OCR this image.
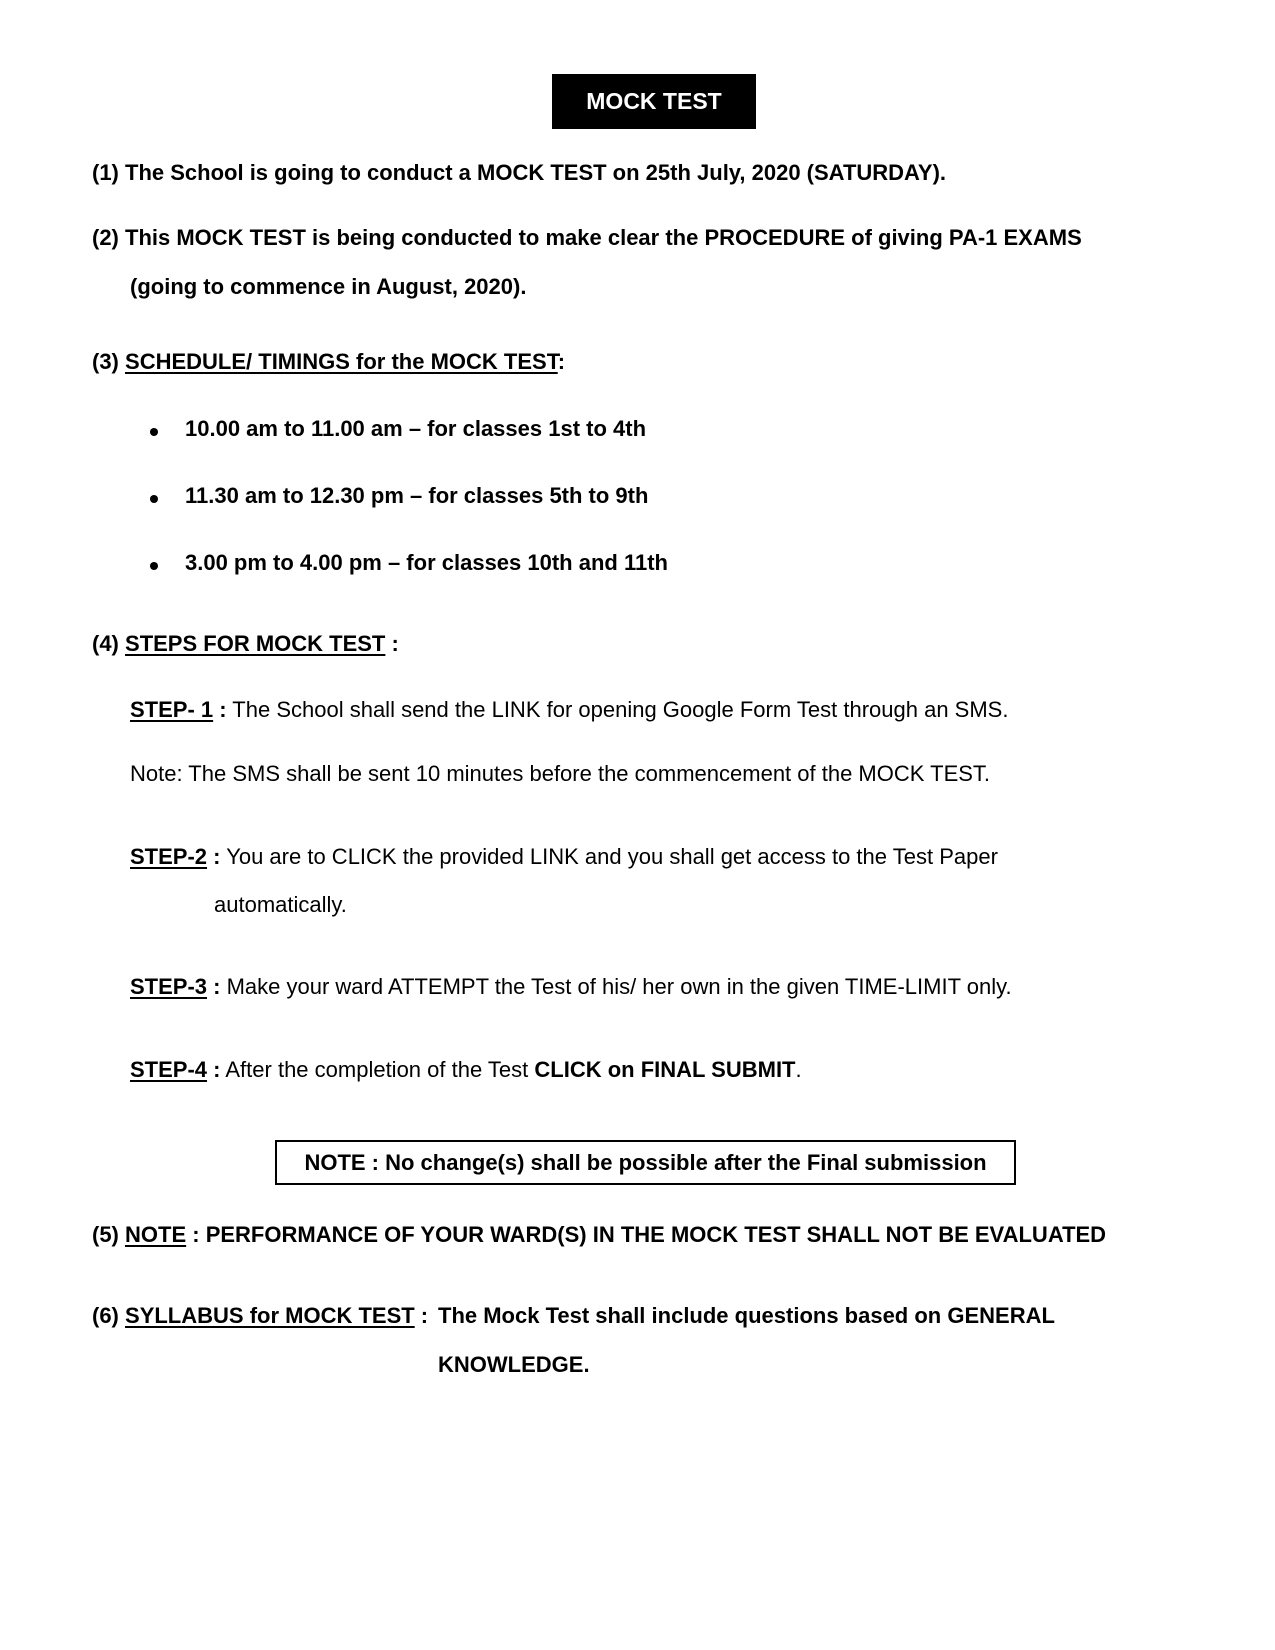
MOCK TEST
(1) The School is going to conduct a MOCK TEST on 25th July, 2020 (SATURDAY).
(2) This MOCK TEST is being conducted to make clear the PROCEDURE of giving PA-1 EXAMS
(going to commence in August, 2020).
(3) SCHEDULE/ TIMINGS for the MOCK TEST:
10.00 am to 11.00 am – for classes 1st to 4th
11.30 am to 12.30 pm – for classes 5th to 9th
3.00 pm to 4.00 pm – for classes 10th and 11th
(4) STEPS FOR MOCK TEST :
STEP- 1 : The School shall send the LINK for opening Google Form Test through an SMS.
Note: The SMS shall be sent 10 minutes before the commencement of the MOCK TEST.
STEP-2 : You are to CLICK the provided LINK and you shall get access to the Test Paper
automatically.
STEP-3 : Make your ward ATTEMPT the Test of his/ her own in the given TIME-LIMIT only.
STEP-4 : After the completion of the Test CLICK on FINAL SUBMIT.
NOTE : No change(s) shall be possible after the Final submission
(5) NOTE : PERFORMANCE OF YOUR WARD(S) IN THE MOCK TEST SHALL NOT BE EVALUATED
(6) SYLLABUS for MOCK TEST : The Mock Test shall include questions based on GENERAL
KNOWLEDGE.
